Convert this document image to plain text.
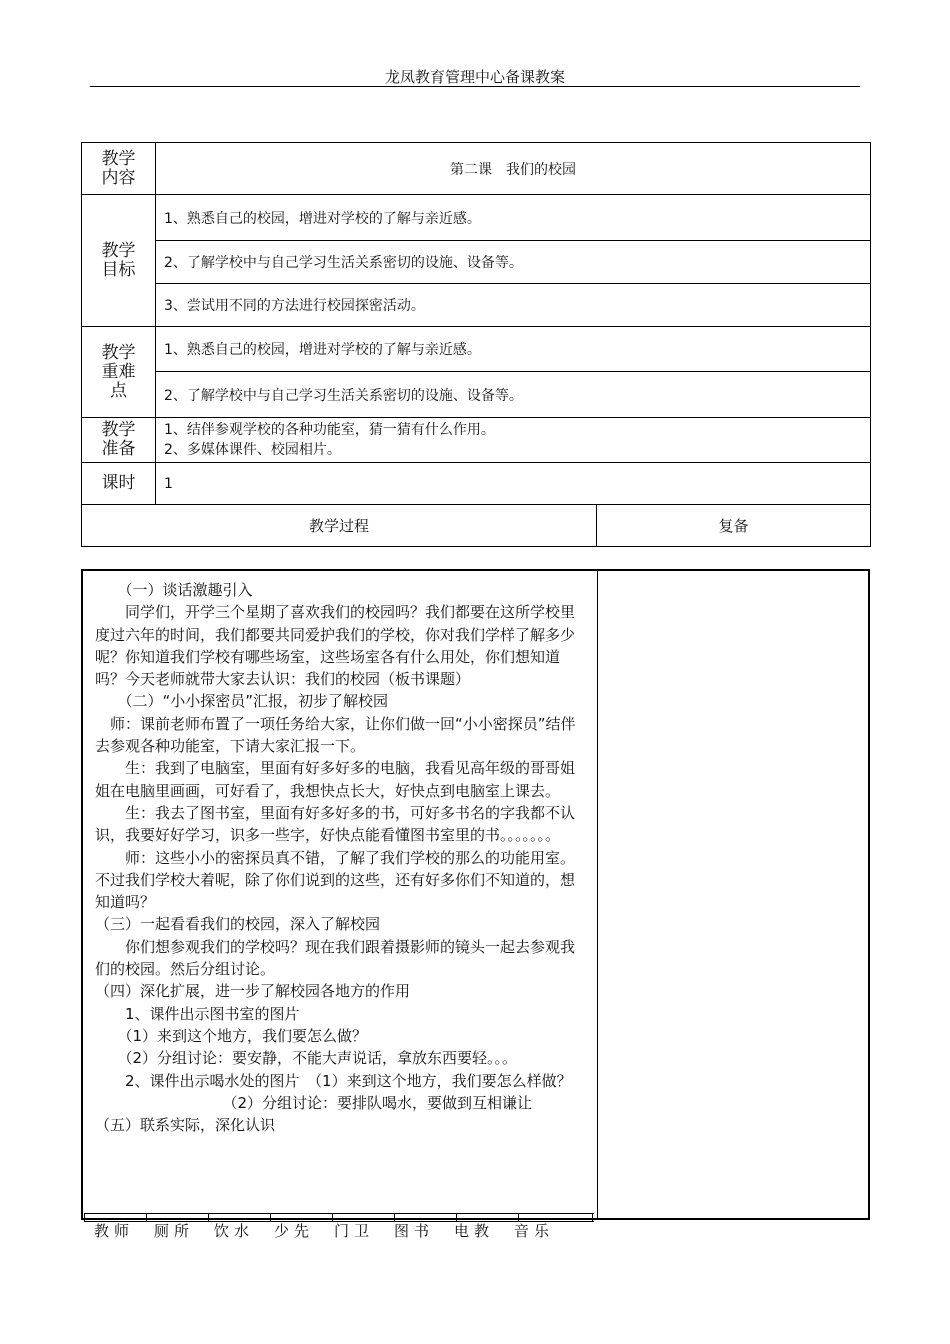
龙凤教育管理中心备课教案
教学内容	第二课　我们的校园	

教学目标	1、熟悉自己的校园，增进对学校的了解与亲近感。	
	2、了解学校中与自己学习生活关系密切的设施、设备等。	
	3、尝试用不同的方法进行校园探密活动。	

教学重难点	1、熟悉自己的校园，增进对学校的了解与亲近感。	
	2、了解学校中与自己学习生活关系密切的设施、设备等。	

教学准备	1、结伴参观学校的各种功能室，猜一猜有什么作用。
2、多媒体课件、校园相片。	

课时	1	
教学过程		复备

　　（一）谈话激趣引入

　　同学们，开学三个星期了喜欢我们的校园吗？我们都要在这所学校里度过六年的时间，我们都要共同爱护我们的学校，你对我们学样了解多少呢？你知道我们学校有哪些场室，这些场室各有什么用处，你们想知道吗？今天老师就带大家去认识：我们的校园（板书课题）

　　（二）“小小探密员”汇报，初步了解校园

　师：课前老师布置了一项任务给大家，让你们做一回“小小密探员”结伴去参观各种功能室，下请大家汇报一下。

　　生：我到了电脑室，里面有好多好多的电脑，我看见高年级的哥哥姐姐在电脑里画画，可好看了，我想快点长大，好快点到电脑室上课去。

　　生：我去了图书室，里面有好多好多的书，可好多书名的字我都不认识，我要好好学习，识多一些字，好快点能看懂图书室里的书。。。。。。。

　　师：这些小小的密探员真不错，了解了我们学校的那么的功能用室。不过我们学校大着呢，除了你们说到的这些，还有好多你们不知道的，想知道吗？

（三）一起看看我们的校园，深入了解校园

　　你们想参观我们的学校吗？现在我们跟着摄影师的镜头一起去参观我们的校园。然后分组讨论。

（四）深化扩展，进一步了解校园各地方的作用

　　1、课件出示图书室的图片

　　（1）来到这个地方，我们要怎么做？

　　（2）分组讨论：要安静，不能大声说话，拿放东西要轻。。。

　　2、课件出示喝水处的图片　（1）来到这个地方，我们要怎么样做？

　　　　　　　　　（2）分组讨论：要排队喝水，要做到互相谦让

（五）联系实际，深化认识

教师　厕所　饮水　少先　门卫　图书　电教　音乐
